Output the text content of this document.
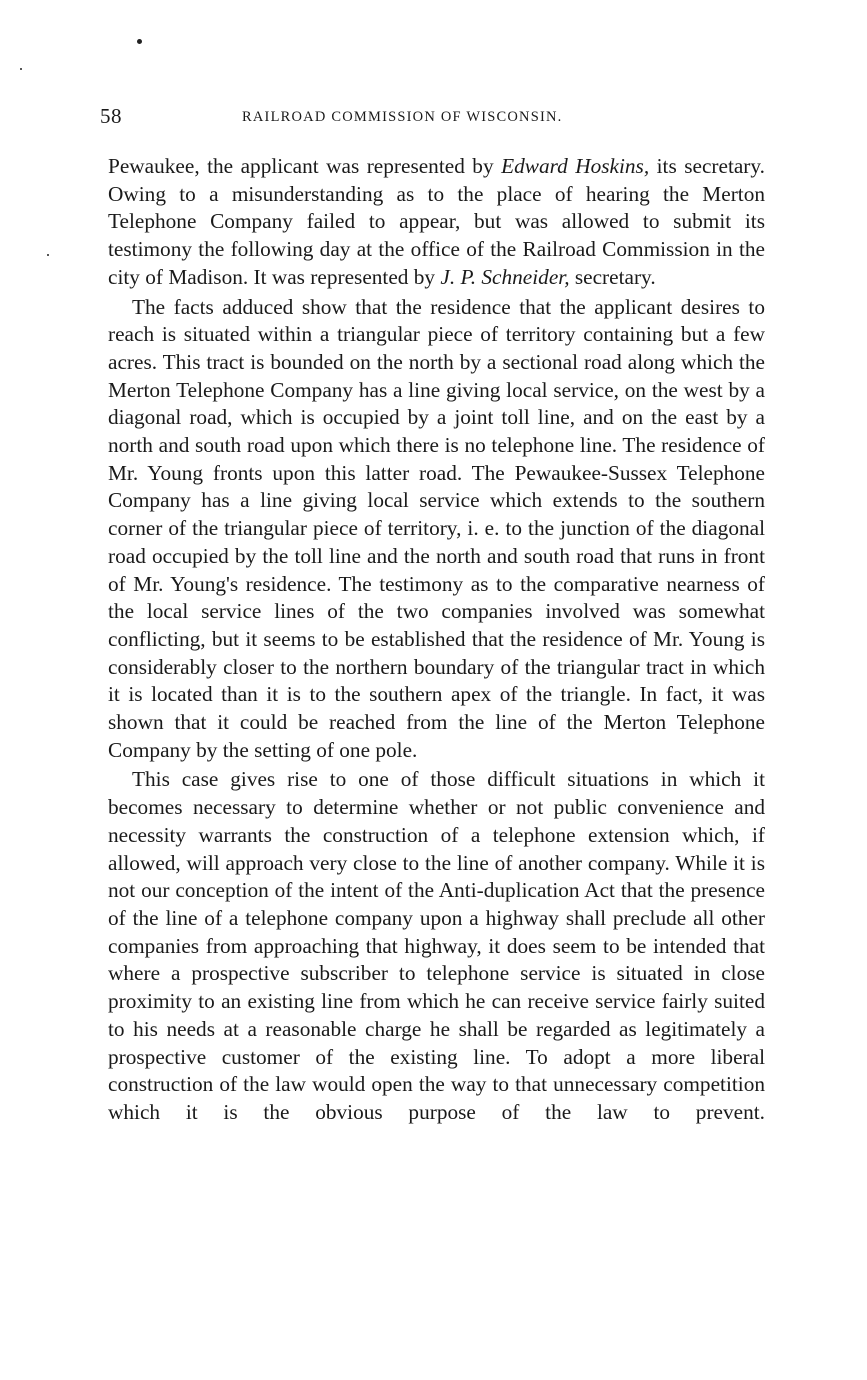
58	RAILROAD COMMISSION OF WISCONSIN.

Pewaukee, the applicant was represented by Edward Hoskins, its secretary. Owing to a misunderstanding as to the place of hearing the Merton Telephone Company failed to appear, but was allowed to submit its testimony the following day at the office of the Railroad Commission in the city of Madison. It was represented by J. P. Schneider, secretary.

The facts adduced show that the residence that the applicant desires to reach is situated within a triangular piece of territory containing but a few acres. This tract is bounded on the north by a sectional road along which the Merton Telephone Company has a line giving local service, on the west by a diagonal road, which is occupied by a joint toll line, and on the east by a north and south road upon which there is no telephone line. The residence of Mr. Young fronts upon this latter road. The Pewaukee-Sussex Telephone Company has a line giving local service which extends to the southern corner of the triangular piece of territory, i. e. to the junction of the diagonal road occupied by the toll line and the north and south road that runs in front of Mr. Young's residence. The testimony as to the comparative nearness of the local service lines of the two companies involved was somewhat conflicting, but it seems to be established that the residence of Mr. Young is considerably closer to the northern boundary of the triangular tract in which it is located than it is to the southern apex of the triangle. In fact, it was shown that it could be reached from the line of the Merton Telephone Company by the setting of one pole.

This case gives rise to one of those difficult situations in which it becomes necessary to determine whether or not public convenience and necessity warrants the construction of a telephone extension which, if allowed, will approach very close to the line of another company. While it is not our conception of the intent of the Anti-duplication Act that the presence of the line of a telephone company upon a highway shall preclude all other companies from approaching that highway, it does seem to be intended that where a prospective subscriber to telephone service is situated in close proximity to an existing line from which he can receive service fairly suited to his needs at a reasonable charge he shall be regarded as legitimately a prospective customer of the existing line. To adopt a more liberal construction of the law would open the way to that unnecessary competition which it is the obvious purpose of the law to prevent.
